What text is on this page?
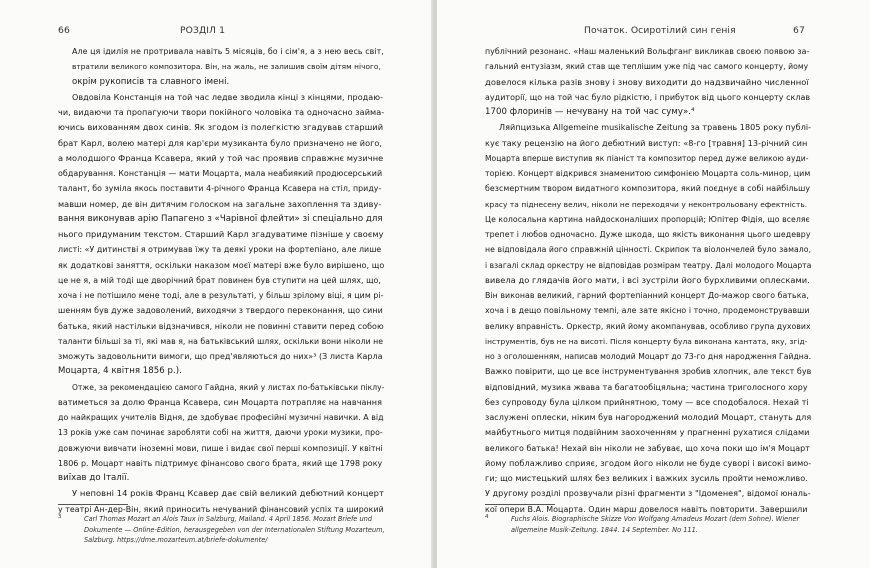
66	РОЗДІЛ 1
Але ця ідилія не протривала навіть 5 місяців, бо і сім'я, а з нею весь світ,
втратили великого композитора. Він, на жаль, не залишив своїм дітям нічого,
окрім рукописів та славного імені.
Овдовіла Констанція на той час ледве зводила кінці з кінцями, продаю-
чи, видаючи та пропагуючи твори покійного чоловіка та одночасно займа-
ючись вихованням двох синів. Як згодом із полегкістю згадував старший
брат Карл, волею матері для кар'єри музиканта було призначено не його,
а молодшого Франца Ксавера, який у той час проявив справжнє музичне
обдарування. Констанція — мати Моцарта, мала неабиякий продюсерський
талант, бо зуміла якось поставити 4-річного Франца Ксавера на стіл, приду-
мавши номер, де він дитячим голоском на загальне захоплення та здиву-
вання виконував арію Папагено з «Чарівної флейти» зі спеціально для
нього придуманим текстом. Старший Карл згадуватиме пізніше у своєму
листі: «У дитинстві я отримував їжу та деякі уроки на фортепіано, але лише
як додаткові заняття, оскільки наказом моєї матері вже було вирішено, що
це не я, а мій тоді ще дворічний брат повинен був ступити на цей шлях, що,
хоча і не потішило мене тоді, але в результаті, у більш зрілому віці, я цим рі-
шенням був дуже задоволений, виходячи з твердого переконання, що сини
батька, який настільки відзначився, ніколи не повинні ставити перед собою
таланти більші за ті, які мав я, на батьківський шлях, оскільки вони ніколи не
зможуть задовольнити вимоги, що пред'являються до них»³ (З листа Карла
Моцарта, 4 квітня 1856 р.).
Отже, за рекомендацією самого Гайдна, який у листах по-батьківськи піклу-
ватиметься за долю Франца Ксавера, син Моцарта потрапляє на навчання
до найкращих учителів Відня, де здобуває професійні музичні навички. А від
13 років уже сам починає заробляти собі на життя, даючи уроки музики, про-
довжуючи вивчати іноземні мови, пише і видає свої перші композиції. У квітні
1806 р. Моцарт навіть підтримує фінансово свого брата, який ще 1798 року
виїхав до Італії.
У неповні 14 років Франц Ксавер дає свій великий дебютний концерт
у театрі Ан-дер-Він, який приносить нечуваний фінансовий успіх та широкий
3	Carl Thomas Mozart an Alois Taux in Salzburg, Mailand. 4 April 1856. Mozart Briefe und
Dokumente — Online-Edition, herausgegeben von der Internationalen Stiftung Mozarteum,
Salzburg. https://dme.mozarteum.at/briefe-dokumente/
Початок. Осиротілий син генія	67
публічний резонанс. «Наш маленький Вольфганг викликав своєю появою за-
гальний ентузіазм, який став ще теплішим уже під час самого концерту, йому
довелося кілька разів знову і знову виходити до надзвичайно численної
аудиторії, що на той час було рідкістю, і прибуток від цього концерту склав
1700 флоринів — нечувану на той час суму».⁴
Ляйпцизька Allgemeine musikalische Zeitung за травень 1805 року публі-
кує таку рецензію на його дебютний виступ: «8-го [травня] 13-річний син
Моцарта вперше виступив як піаніст та композитор перед дуже великою ауди-
торією. Концерт відкрився знаменитою симфонією Моцарта соль-минор, цим
безсмертним твором видатного композитора, який поєднує в собі найбільшу
красу та піднесену велич, ніколи не переходячи у неконтрольовану ефектність.
Це колосальна картина найдосконаліших пропорцій; Юпітер Фідія, що вселяє
трепет і любов одночасно. Дуже шкода, що якість виконання цього шедевру
не відповідала його справжній цінності. Скрипок та віолончелей було замало,
і взагалі склад оркестру не відповідав розмірам театру. Далі молодого Моцарта
вивела до глядачів його мати, і всі зустріли його бурхливими оплесками.
Він виконав великий, гарний фортепіанний концерт До-мажор свого батька,
хоча і в дещо повільному темпі, але зате якісно і точно, продемонструвавши
велику вправність. Оркестр, який йому акомпанував, особливо група духових
інструментів, був не на висоті. Після концерту була виконана кантата, яку, згід-
но з оголошенням, написав молодий Моцарт до 73-го дня народження Гайдна.
Важко повірити, що це все інструментування зробив хлопчик, але текст був
відповідний, музика жвава та багатообіцяльна; частина триголосного хору
без супроводу була цілком прийнятною, тому — все сподобалося. Нехай ті
заслужені оплески, ніким був нагороджений молодий Моцарт, стануть для
майбутнього митця подвійним заохоченням у прагненні рухатися слідами
великого батька! Нехай він ніколи не забуває, що хоча поки що ім'я Моцарт
йому поблажливо сприяє, згодом його ніколи не буде суворі і високі вимо-
ги; що мистецький шлях без великих і важких зусиль пройти неможливо.
У другому розділі прозвучали різні фрагменти з "Ідоменея", відомої юналь-
кої опери В.А. Моцарта. Один марш довелося навіть повторити. Завершили
4	Fuchs Alois. Biographische Skizze Von Wolfgang Amadeus Mozart (dem Sohne). Wiener
allgemeine Musik-Zeitung. 1844. 14 September. No 111.
